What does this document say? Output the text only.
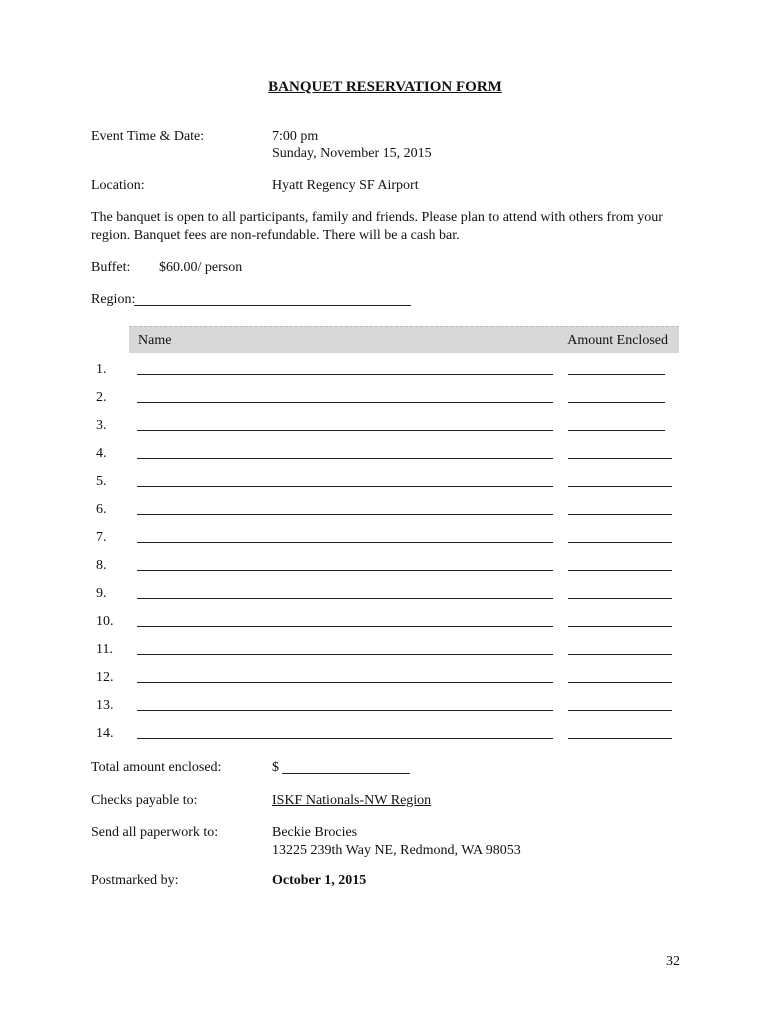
BANQUET RESERVATION FORM
Event Time & Date:	7:00 pm
Sunday, November 15, 2015
Location:	Hyatt Regency SF Airport
The banquet is open to all participants, family and friends. Please plan to attend with others from your
region. Banquet fees are non-refundable. There will be a cash bar.
Buffet: $60.00/ person
Region:
Name	Amount Enclosed
1.
2.
3.
4.
5.
6.
7.
8.
9.
10.
11.
12.
13.
14.
Total amount enclosed:	$
Checks payable to:	ISKF Nationals-NW Region
Send all paperwork to:	Beckie Brocies
13225 239th Way NE, Redmond, WA 98053
Postmarked by:	October 1, 2015
32
